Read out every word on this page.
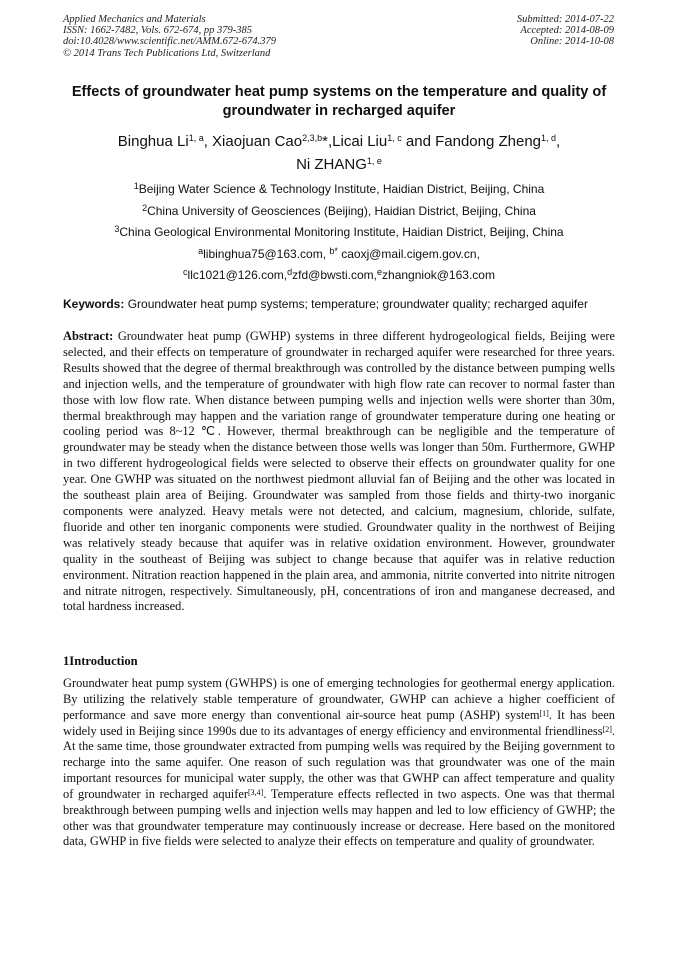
Applied Mechanics and Materials
ISSN: 1662-7482, Vols. 672-674, pp 379-385
doi:10.4028/www.scientific.net/AMM.672-674.379
© 2014 Trans Tech Publications Ltd, Switzerland
Submitted: 2014-07-22
Accepted: 2014-08-09
Online: 2014-10-08
Effects of groundwater heat pump systems on the temperature and quality of groundwater in recharged aquifer
Binghua Li$^{1, a}$, Xiaojuan Cao$^{2,3,b}$*,Licai Liu$^{1, c}$ and Fandong Zheng$^{1, d}$,
Ni ZHANG$^{1, e}$
$^1$Beijing Water Science & Technology Institute, Haidian District, Beijing, China
$^2$China University of Geosciences (Beijing), Haidian District, Beijing, China
$^3$China Geological Environmental Monitoring Institute, Haidian District, Beijing, China
$^a$libinghua75@163.com, $^{b*}$ caoxj@mail.cigem.gov.cn,
$^c$llc1021@126.com,$^d$zfd@bwsti.com,$^e$zhangniok@163.com
Keywords: Groundwater heat pump systems; temperature; groundwater quality; recharged aquifer
Abstract: Groundwater heat pump (GWHP) systems in three different hydrogeological fields, Beijing were selected, and their effects on temperature of groundwater in recharged aquifer were researched for three years. Results showed that the degree of thermal breakthrough was controlled by the distance between pumping wells and injection wells, and the temperature of groundwater with high flow rate can recover to normal faster than those with low flow rate. When distance between pumping wells and injection wells were shorter than 30m, thermal breakthrough may happen and the variation range of groundwater temperature during one heating or cooling period was 8~12 ℃. However, thermal breakthrough can be negligible and the temperature of groundwater may be steady when the distance between those wells was longer than 50m. Furthermore, GWHP in two different hydrogeological fields were selected to observe their effects on groundwater quality for one year. One GWHP was situated on the northwest piedmont alluvial fan of Beijing and the other was located in the southeast plain area of Beijing. Groundwater was sampled from those fields and thirty-two inorganic components were analyzed. Heavy metals were not detected, and calcium, magnesium, chloride, sulfate, fluoride and other ten inorganic components were studied. Groundwater quality in the northwest of Beijing was relatively steady because that aquifer was in relative oxidation environment. However, groundwater quality in the southeast of Beijing was subject to change because that aquifer was in relative reduction environment. Nitration reaction happened in the plain area, and ammonia, nitrite converted into nitrite nitrogen and nitrate nitrogen, respectively. Simultaneously, pH, concentrations of iron and manganese decreased, and total hardness increased.
1Introduction
Groundwater heat pump system (GWHPS) is one of emerging technologies for geothermal energy application. By utilizing the relatively stable temperature of groundwater, GWHP can achieve a higher coefficient of performance and save more energy than conventional air-source heat pump (ASHP) system[1]. It has been widely used in Beijing since 1990s due to its advantages of energy efficiency and environmental friendliness[2]. At the same time, those groundwater extracted from pumping wells was required by the Beijing government to recharge into the same aquifer. One reason of such regulation was that groundwater was one of the main important resources for municipal water supply, the other was that GWHP can affect temperature and quality of groundwater in recharged aquifer[3,4]. Temperature effects reflected in two aspects. One was that thermal breakthrough between pumping wells and injection wells may happen and led to low efficiency of GWHP; the other was that groundwater temperature may continuously increase or decrease. Here based on the monitored data, GWHP in five fields were selected to analyze their effects on temperature and quality of groundwater.
